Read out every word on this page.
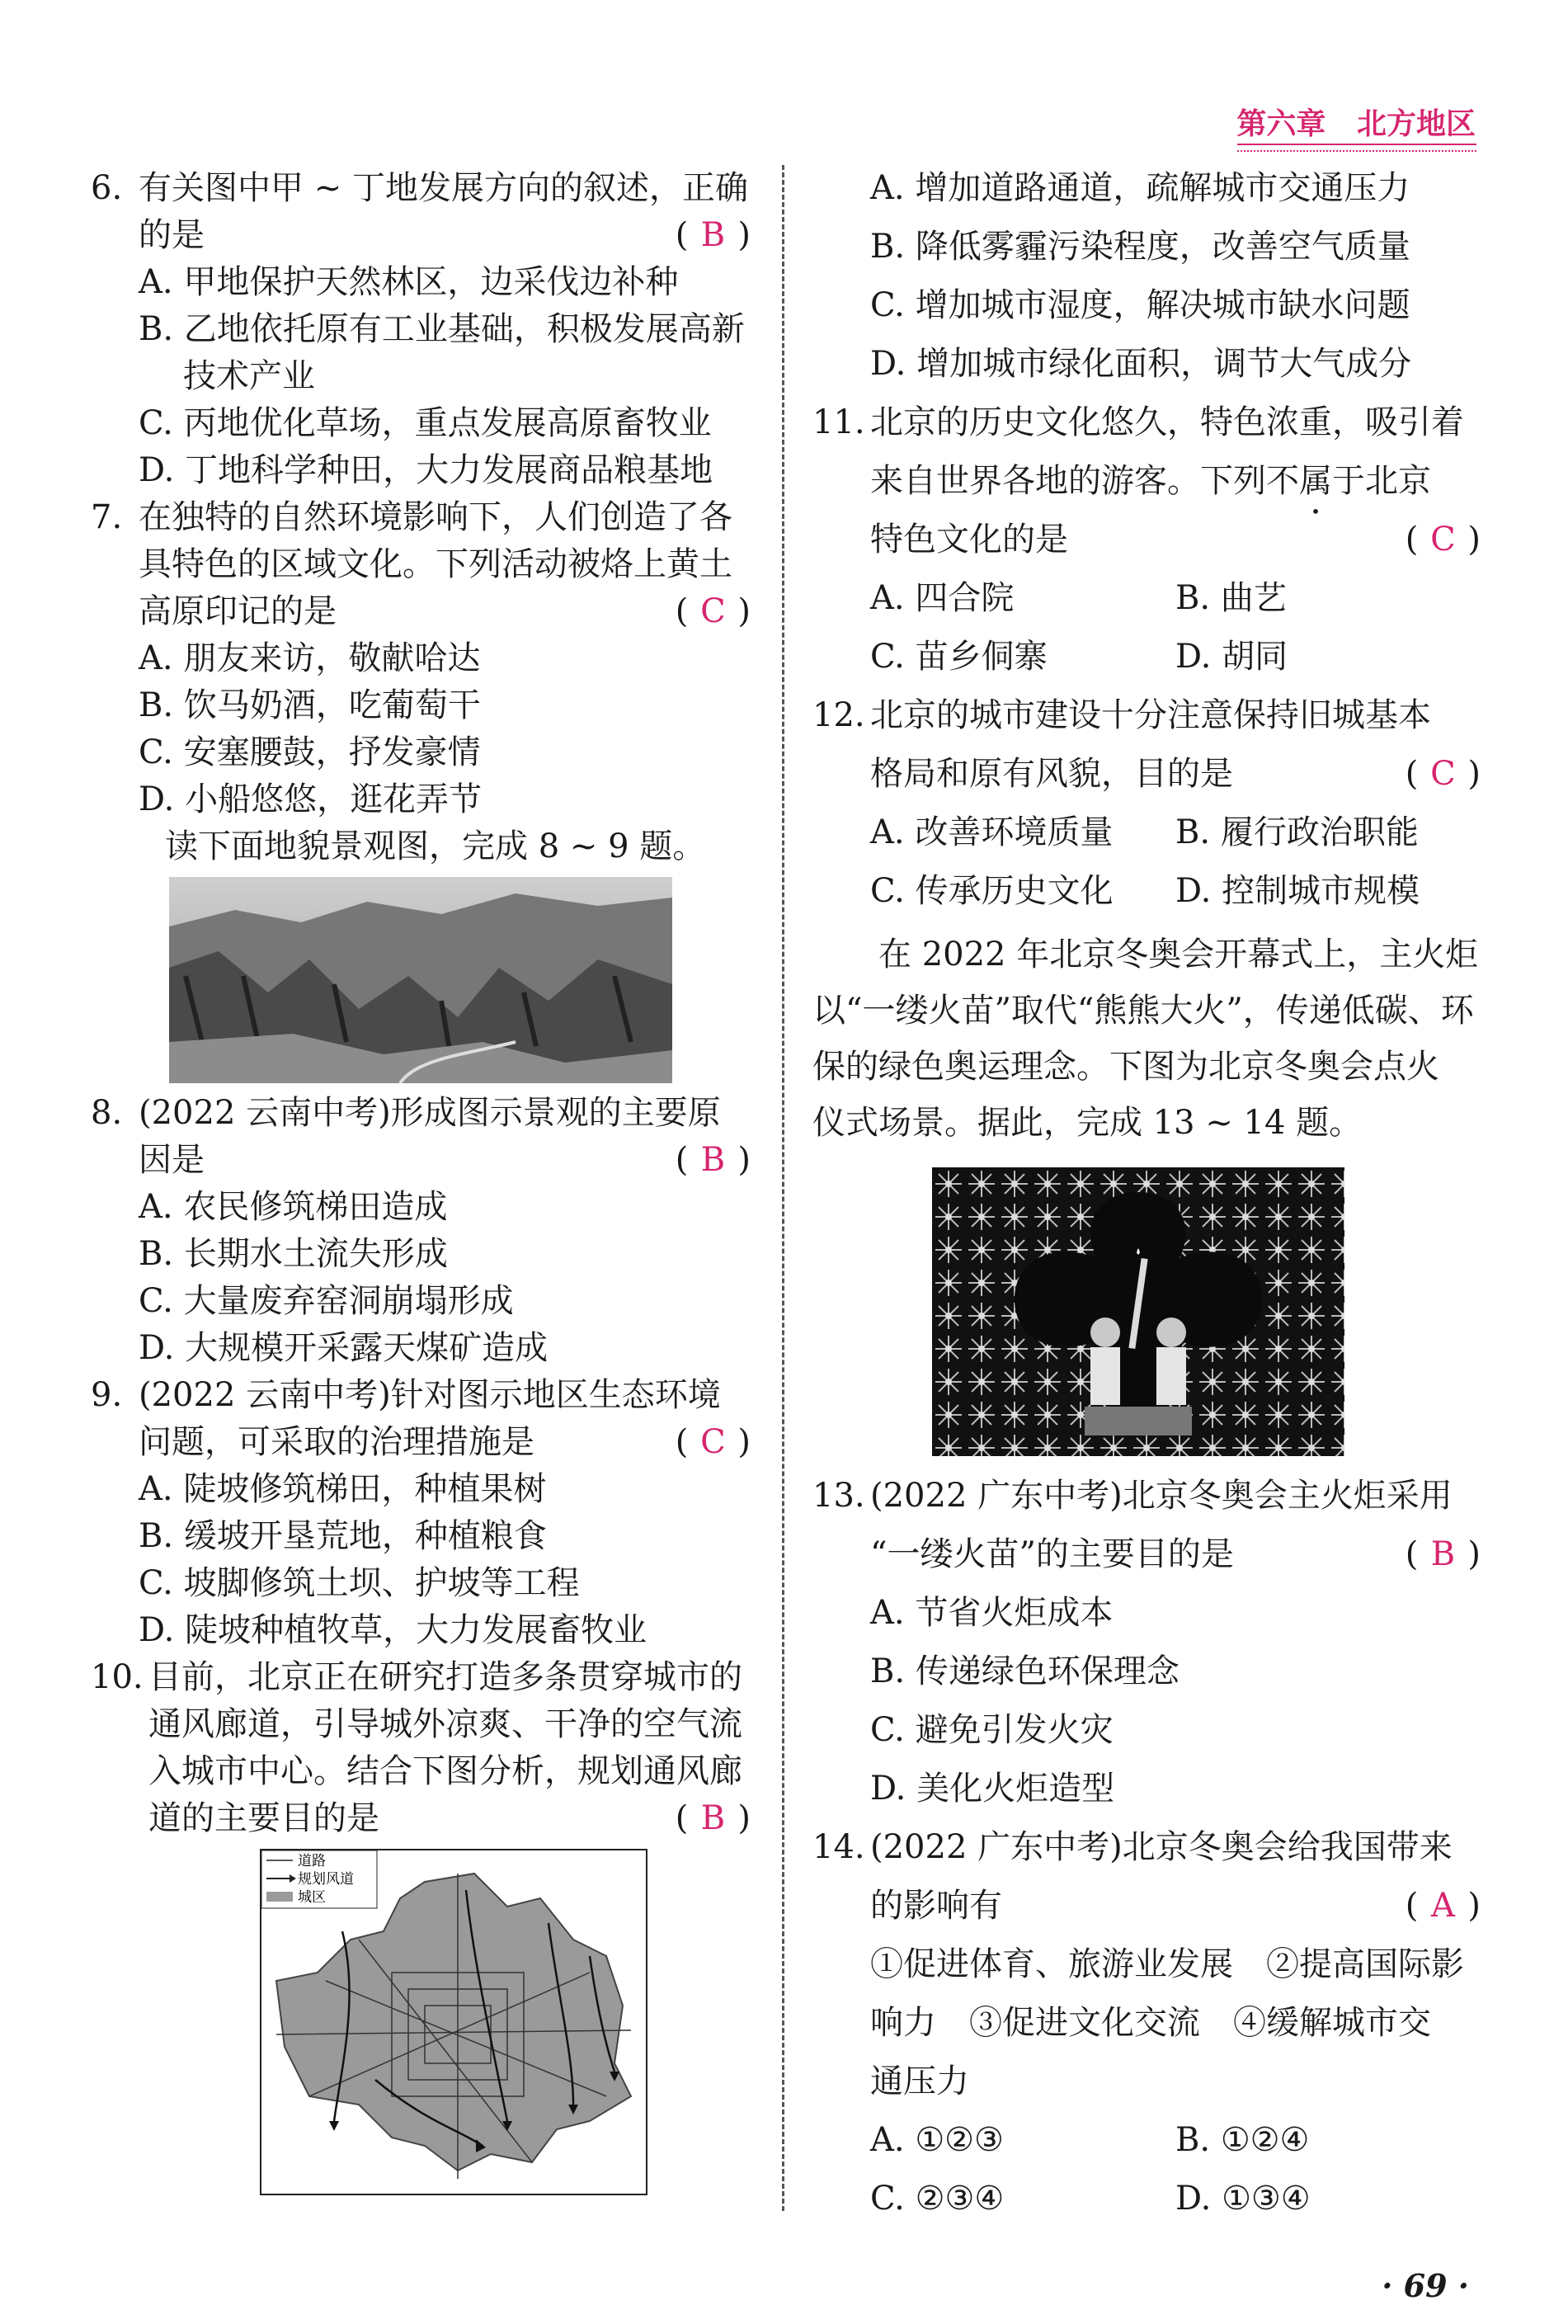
第六章 北方地区
6. 有关图中甲 ~ 丁地发展方向的叙述，正确
的是	( B )
A. 甲地保护天然林区，边采伐边补种
B. 乙地依托原有工业基础，积极发展高新
技术产业
C. 丙地优化草场，重点发展高原畜牧业
D. 丁地科学种田，大力发展商品粮基地
7. 在独特的自然环境影响下，人们创造了各
具特色的区域文化。下列活动被烙上黄土
高原印记的是	( C )
A. 朋友来访，敬献哈达
B. 饮马奶酒，吃葡萄干
C. 安塞腰鼓，抒发豪情
D. 小船悠悠，逛花弄节
读下面地貌景观图，完成 8 ~ 9 题。
8. (2022 云南中考)形成图示景观的主要原
因是	( B )
A. 农民修筑梯田造成
B. 长期水土流失形成
C. 大量废弃窑洞崩塌形成
D. 大规模开采露天煤矿造成
9. (2022 云南中考)针对图示地区生态环境
问题，可采取的治理措施是	( C )
A. 陡坡修筑梯田，种植果树
B. 缓坡开垦荒地，种植粮食
C. 坡脚修筑土坝、护坡等工程
D. 陡坡种植牧草，大力发展畜牧业
10. 目前，北京正在研究打造多条贯穿城市的
通风廊道，引导城外凉爽、干净的空气流
入城市中心。结合下图分析，规划通风廊
道的主要目的是	( B )
道路
规划风道
城区
A. 增加道路通道，疏解城市交通压力
B. 降低雾霾污染程度，改善空气质量
C. 增加城市湿度，解决城市缺水问题
D. 增加城市绿化面积，调节大气成分
11. 北京的历史文化悠久，特色浓重，吸引着
来自世界各地的游客。下列不属于北京
特色文化的是	( C )
A. 四合院	B. 曲艺
C. 苗乡侗寨	D. 胡同
12. 北京的城市建设十分注意保持旧城基本
格局和原有风貌，目的是	( C )
A. 改善环境质量	B. 履行政治职能
C. 传承历史文化	D. 控制城市规模
在 2022 年北京冬奥会开幕式上，主火炬
以“一缕火苗”取代“熊熊大火”，传递低碳、环
保的绿色奥运理念。下图为北京冬奥会点火
仪式场景。据此，完成 13 ~ 14 题。
13. (2022 广东中考)北京冬奥会主火炬采用
“一缕火苗”的主要目的是	( B )
A. 节省火炬成本
B. 传递绿色环保理念
C. 避免引发火灾
D. 美化火炬造型
14. (2022 广东中考)北京冬奥会给我国带来
的影响有	( A )
①促进体育、旅游业发展　②提高国际影
响力　③促进文化交流　④缓解城市交
通压力
A. ①②③	B. ①②④
C. ②③④	D. ①③④
· 69 ·
